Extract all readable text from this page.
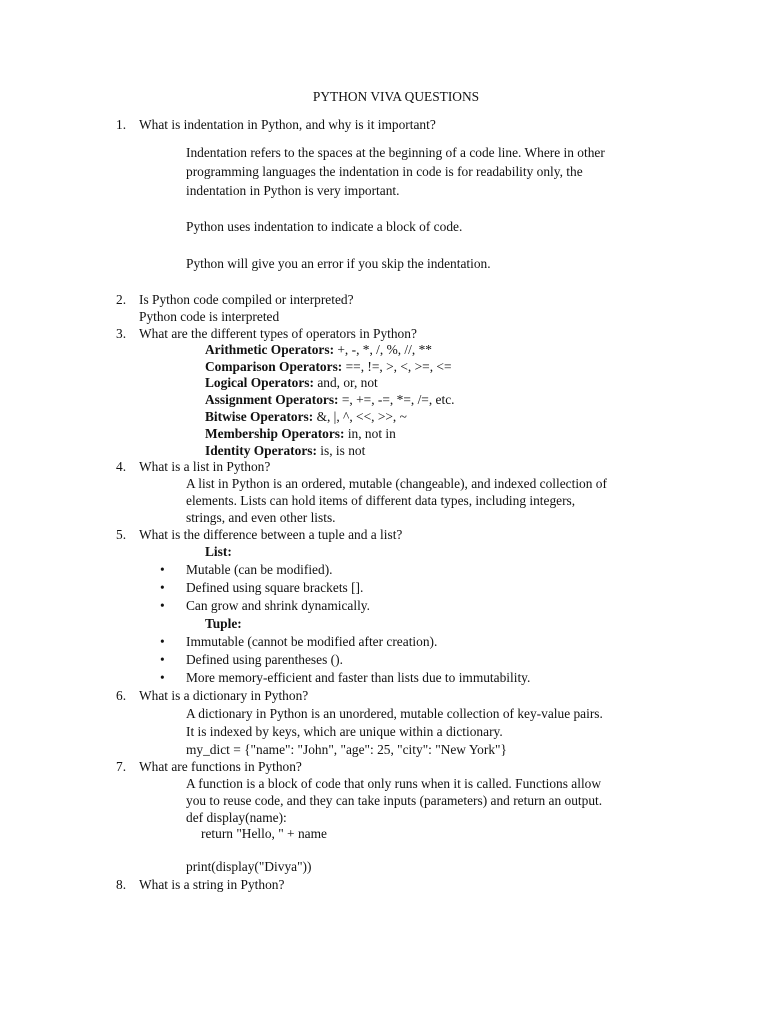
PYTHON VIVA QUESTIONS
1. What is indentation in Python, and why is it important?
Indentation refers to the spaces at the beginning of a code line. Where in other
programming languages the indentation in code is for readability only, the
indentation in Python is very important.
Python uses indentation to indicate a block of code.
Python will give you an error if you skip the indentation.
2. Is Python code compiled or interpreted?
Python code is interpreted
3. What are the different types of operators in Python?
Arithmetic Operators: +, -, *, /, %, //, **
Comparison Operators: ==, !=, >, <, >=, <=
Logical Operators: and, or, not
Assignment Operators: =, +=, -=, *=, /=, etc.
Bitwise Operators: &, |, ^, <<, >>, ~
Membership Operators: in, not in
Identity Operators: is, is not
4. What is a list in Python?
A list in Python is an ordered, mutable (changeable), and indexed collection of
elements. Lists can hold items of different data types, including integers,
strings, and even other lists.
5. What is the difference between a tuple and a list?
List:
• Mutable (can be modified).
• Defined using square brackets [].
• Can grow and shrink dynamically.
Tuple:
• Immutable (cannot be modified after creation).
• Defined using parentheses ().
• More memory-efficient and faster than lists due to immutability.
6. What is a dictionary in Python?
A dictionary in Python is an unordered, mutable collection of key-value pairs.
It is indexed by keys, which are unique within a dictionary.
my_dict = {"name": "John", "age": 25, "city": "New York"}
7. What are functions in Python?
A function is a block of code that only runs when it is called. Functions allow
you to reuse code, and they can take inputs (parameters) and return an output.
def display(name):
return "Hello, " + name
print(display("Divya"))
8. What is a string in Python?
